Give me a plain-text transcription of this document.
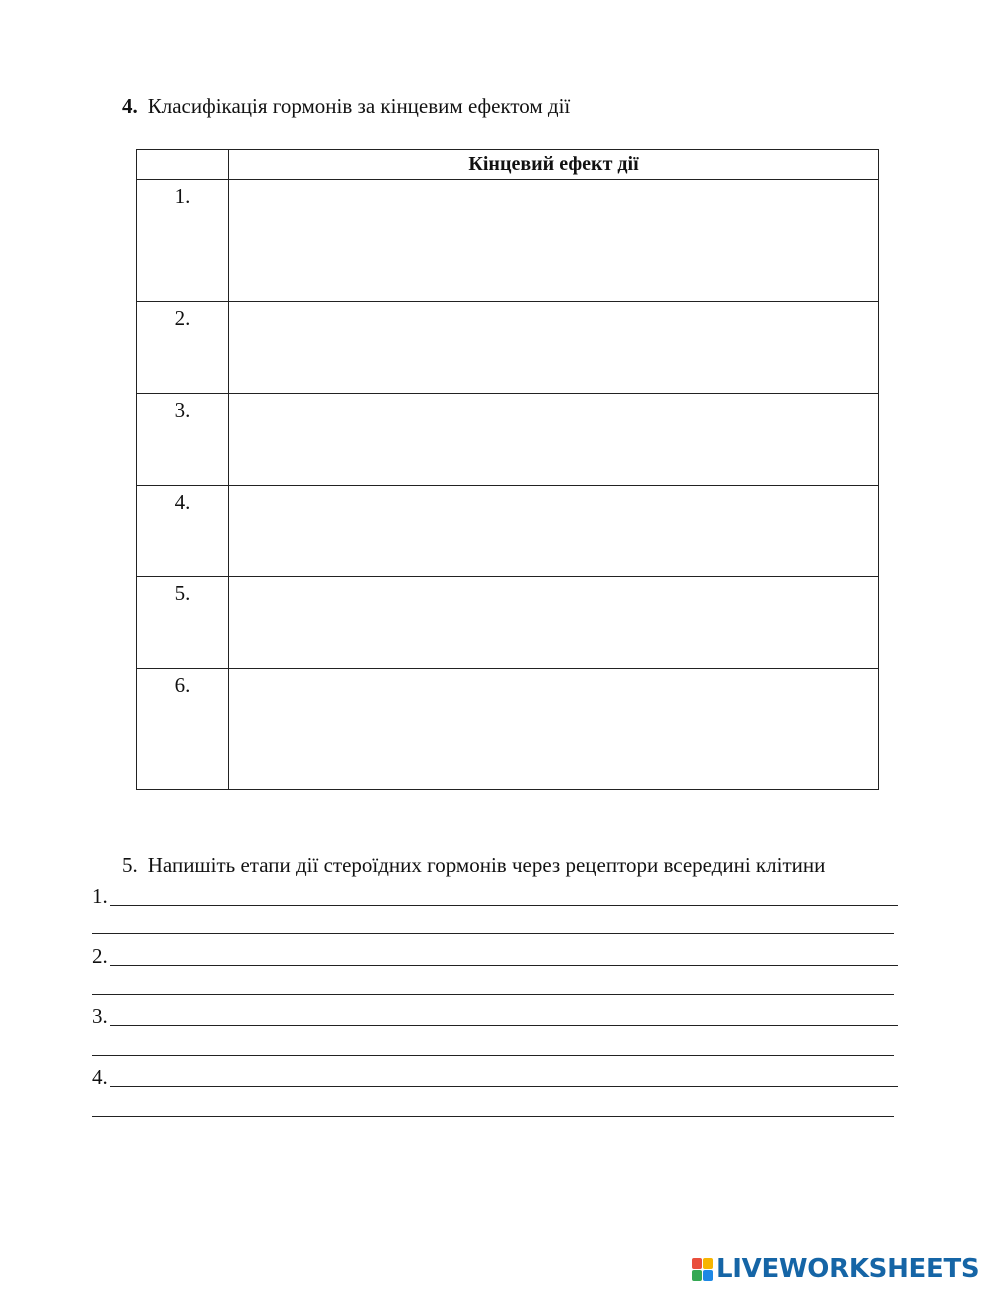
4. Класифікація гормонів за кінцевим ефектом дії
	Кінцевий ефект дії
1.	
2.	
3.	
4.	
5.	
6.	
5. Напишіть етапи дії стероїдних гормонів через рецептори всередині клітини
1.
2.
3.
4.
LIVEWORKSHEETS
